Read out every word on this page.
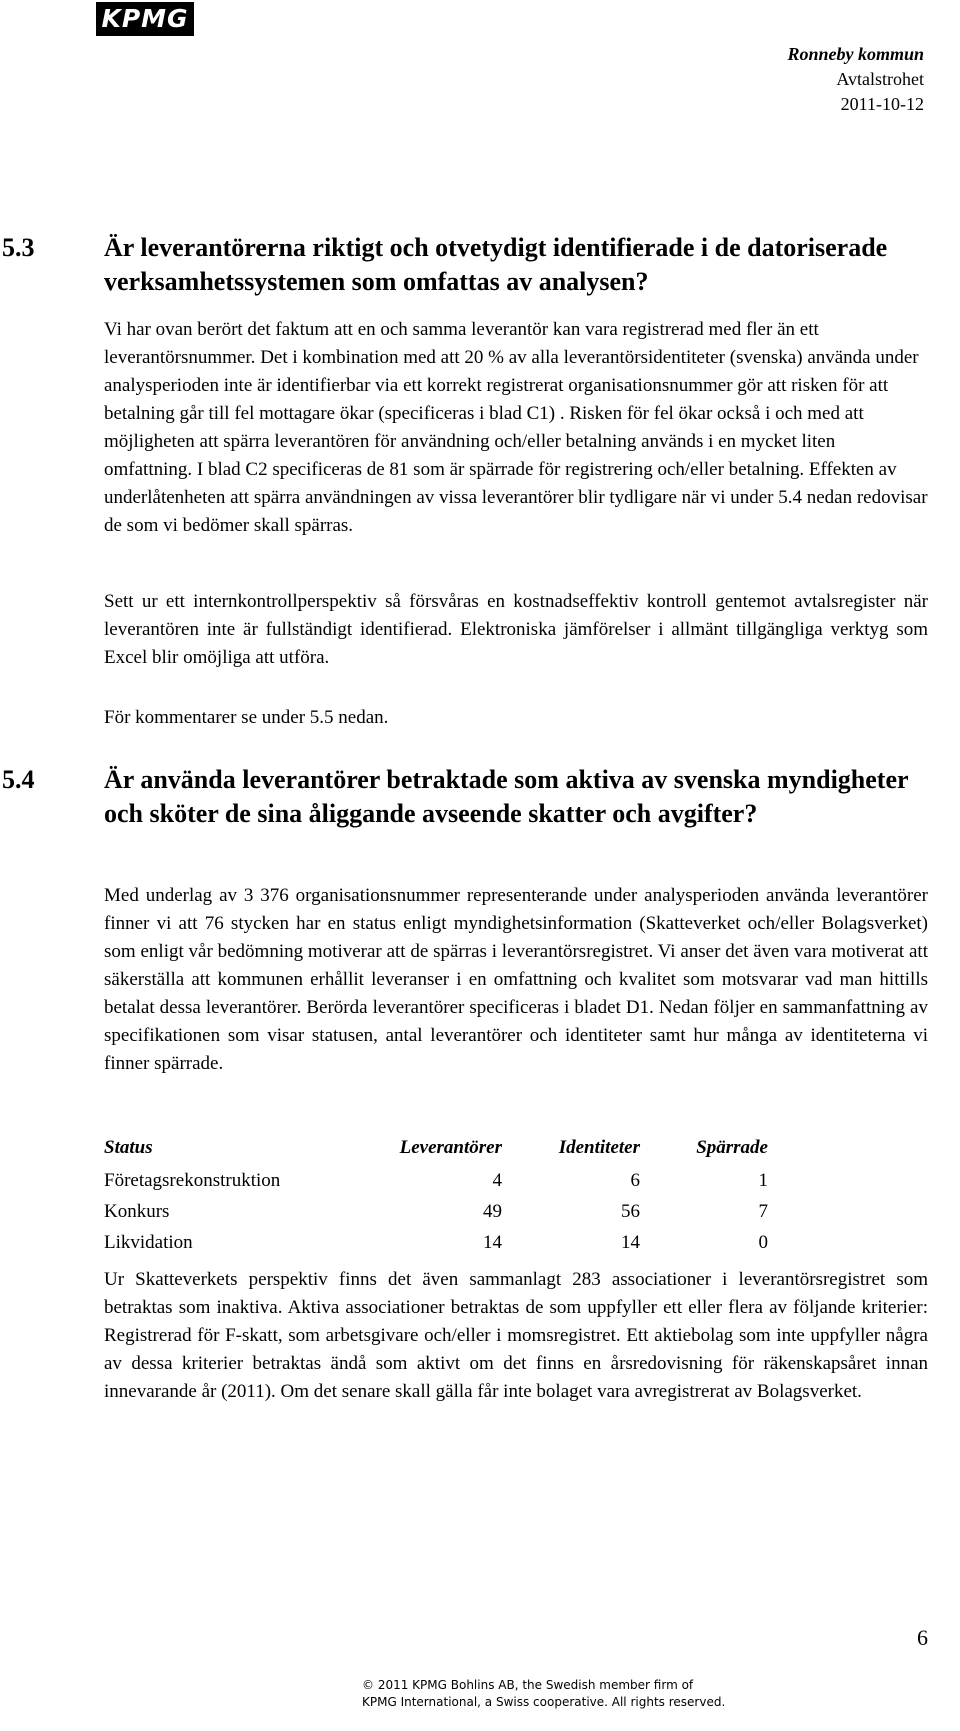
KPMG
Ronneby kommun
Avtalstrohet
2011-10-12
5.3	Är leverantörerna riktigt och otvetydigt identifierade i de datoriserade verksamhetssystemen som omfattas av analysen?
Vi har ovan berört det faktum att en och samma leverantör kan vara registrerad med fler än ett leverantörsnummer. Det i kombination med att 20 % av alla leverantörsidentiteter (svenska) använda under analysperioden inte är identifierbar via ett korrekt registrerat organisationsnummer gör att risken för att betalning går till fel mottagare ökar (specificeras i blad C1) . Risken för fel ökar också i och med att möjligheten att spärra leverantören för användning och/eller betalning används i en mycket liten omfattning. I blad C2 specificeras de 81 som är spärrade för registrering och/eller betalning. Effekten av underlåtenheten att spärra användningen av vissa leverantörer blir tydligare när vi under 5.4 nedan redovisar de som vi bedömer skall spärras.
Sett ur ett internkontrollperspektiv så försvåras en kostnadseffektiv kontroll gentemot avtalsregister när leverantören inte är fullständigt identifierad. Elektroniska jämförelser i allmänt tillgängliga verktyg som Excel blir omöjliga att utföra.
För kommentarer se under 5.5 nedan.
5.4	Är använda leverantörer betraktade som aktiva av svenska myndigheter och sköter de sina åliggande avseende skatter och avgifter?
Med underlag av 3 376 organisationsnummer representerande under analysperioden använda leverantörer finner vi att 76 stycken har en status enligt myndighetsinformation (Skatteverket och/eller Bolagsverket) som enligt vår bedömning motiverar att de spärras i leverantörsregistret. Vi anser det även vara motiverat att säkerställa att kommunen erhållit leveranser i en omfattning och kvalitet som motsvarar vad man hittills betalat dessa leverantörer. Berörda leverantörer specificeras i bladet D1. Nedan följer en sammanfattning av specifikationen som visar statusen, antal leverantörer och identiteter samt hur många av identiteterna vi finner spärrade.
Status	Leverantörer	Identiteter	Spärrade
Företagsrekonstruktion	4	6	1
Konkurs	49	56	7
Likvidation	14	14	0
Ur Skatteverkets perspektiv finns det även sammanlagt 283 associationer i leverantörsregistret som betraktas som inaktiva. Aktiva associationer betraktas de som uppfyller ett eller flera av följande kriterier: Registrerad för F-skatt, som arbetsgivare och/eller i momsregistret. Ett aktiebolag som inte uppfyller några av dessa kriterier betraktas ändå som aktivt om det finns en årsredovisning för räkenskapsåret innan innevarande år (2011). Om det senare skall gälla får inte bolaget vara avregistrerat av Bolagsverket.
6
© 2011 KPMG Bohlins AB, the Swedish member firm of
KPMG International, a Swiss cooperative. All rights reserved.
